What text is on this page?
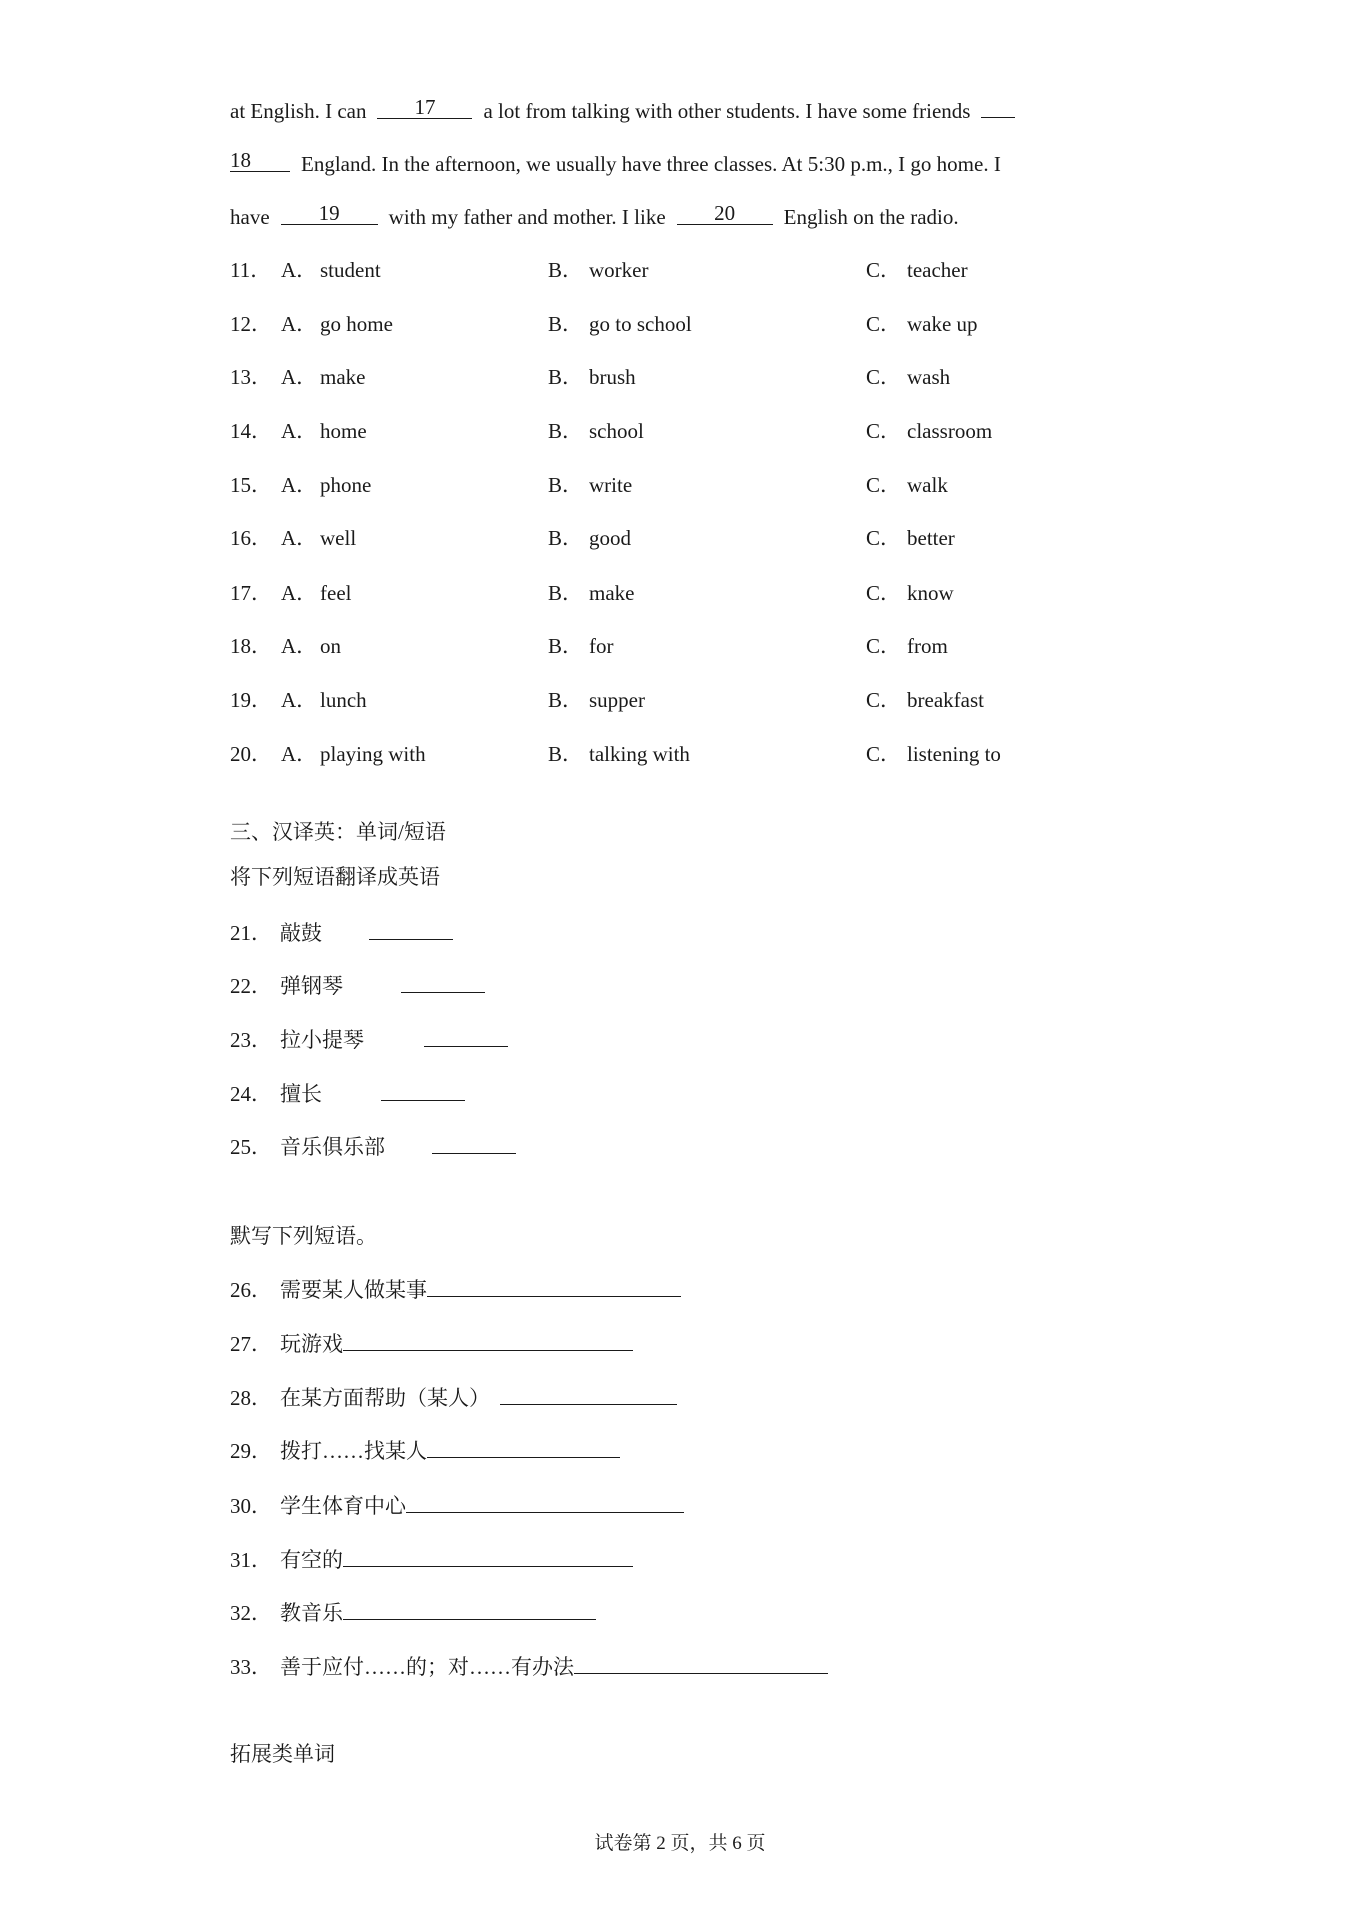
at English. I can 17 a lot from talking with other students. I have some friends
18 England. In the afternoon, we usually have three classes. At 5:30 p.m., I go home. I
have 19 with my father and mother. I like 20 English on the radio.
11． A． student	B． worker	C． teacher
12． A． go home	B． go to school	C． wake up
13． A． make	B． brush	C． wash
14． A． home	B． school	C． classroom
15． A． phone	B． write	C． walk
16． A． well	B． good	C． better
17． A． feel	B． make	C． know
18． A． on	B． for	C． from
19． A． lunch	B． supper	C． breakfast
20． A． playing with	B． talking with	C． listening to
三、汉译英：单词/短语
将下列短语翻译成英语
21． 敲鼓
22． 弹钢琴
23． 拉小提琴
24． 擅长
25． 音乐俱乐部
默写下列短语。
26． 需要某人做某事
27． 玩游戏
28． 在某方面帮助（某人）
29． 拨打……找某人
30． 学生体育中心
31． 有空的
32． 教音乐
33． 善于应付……的；对……有办法
拓展类单词
试卷第 2 页，共 6 页
